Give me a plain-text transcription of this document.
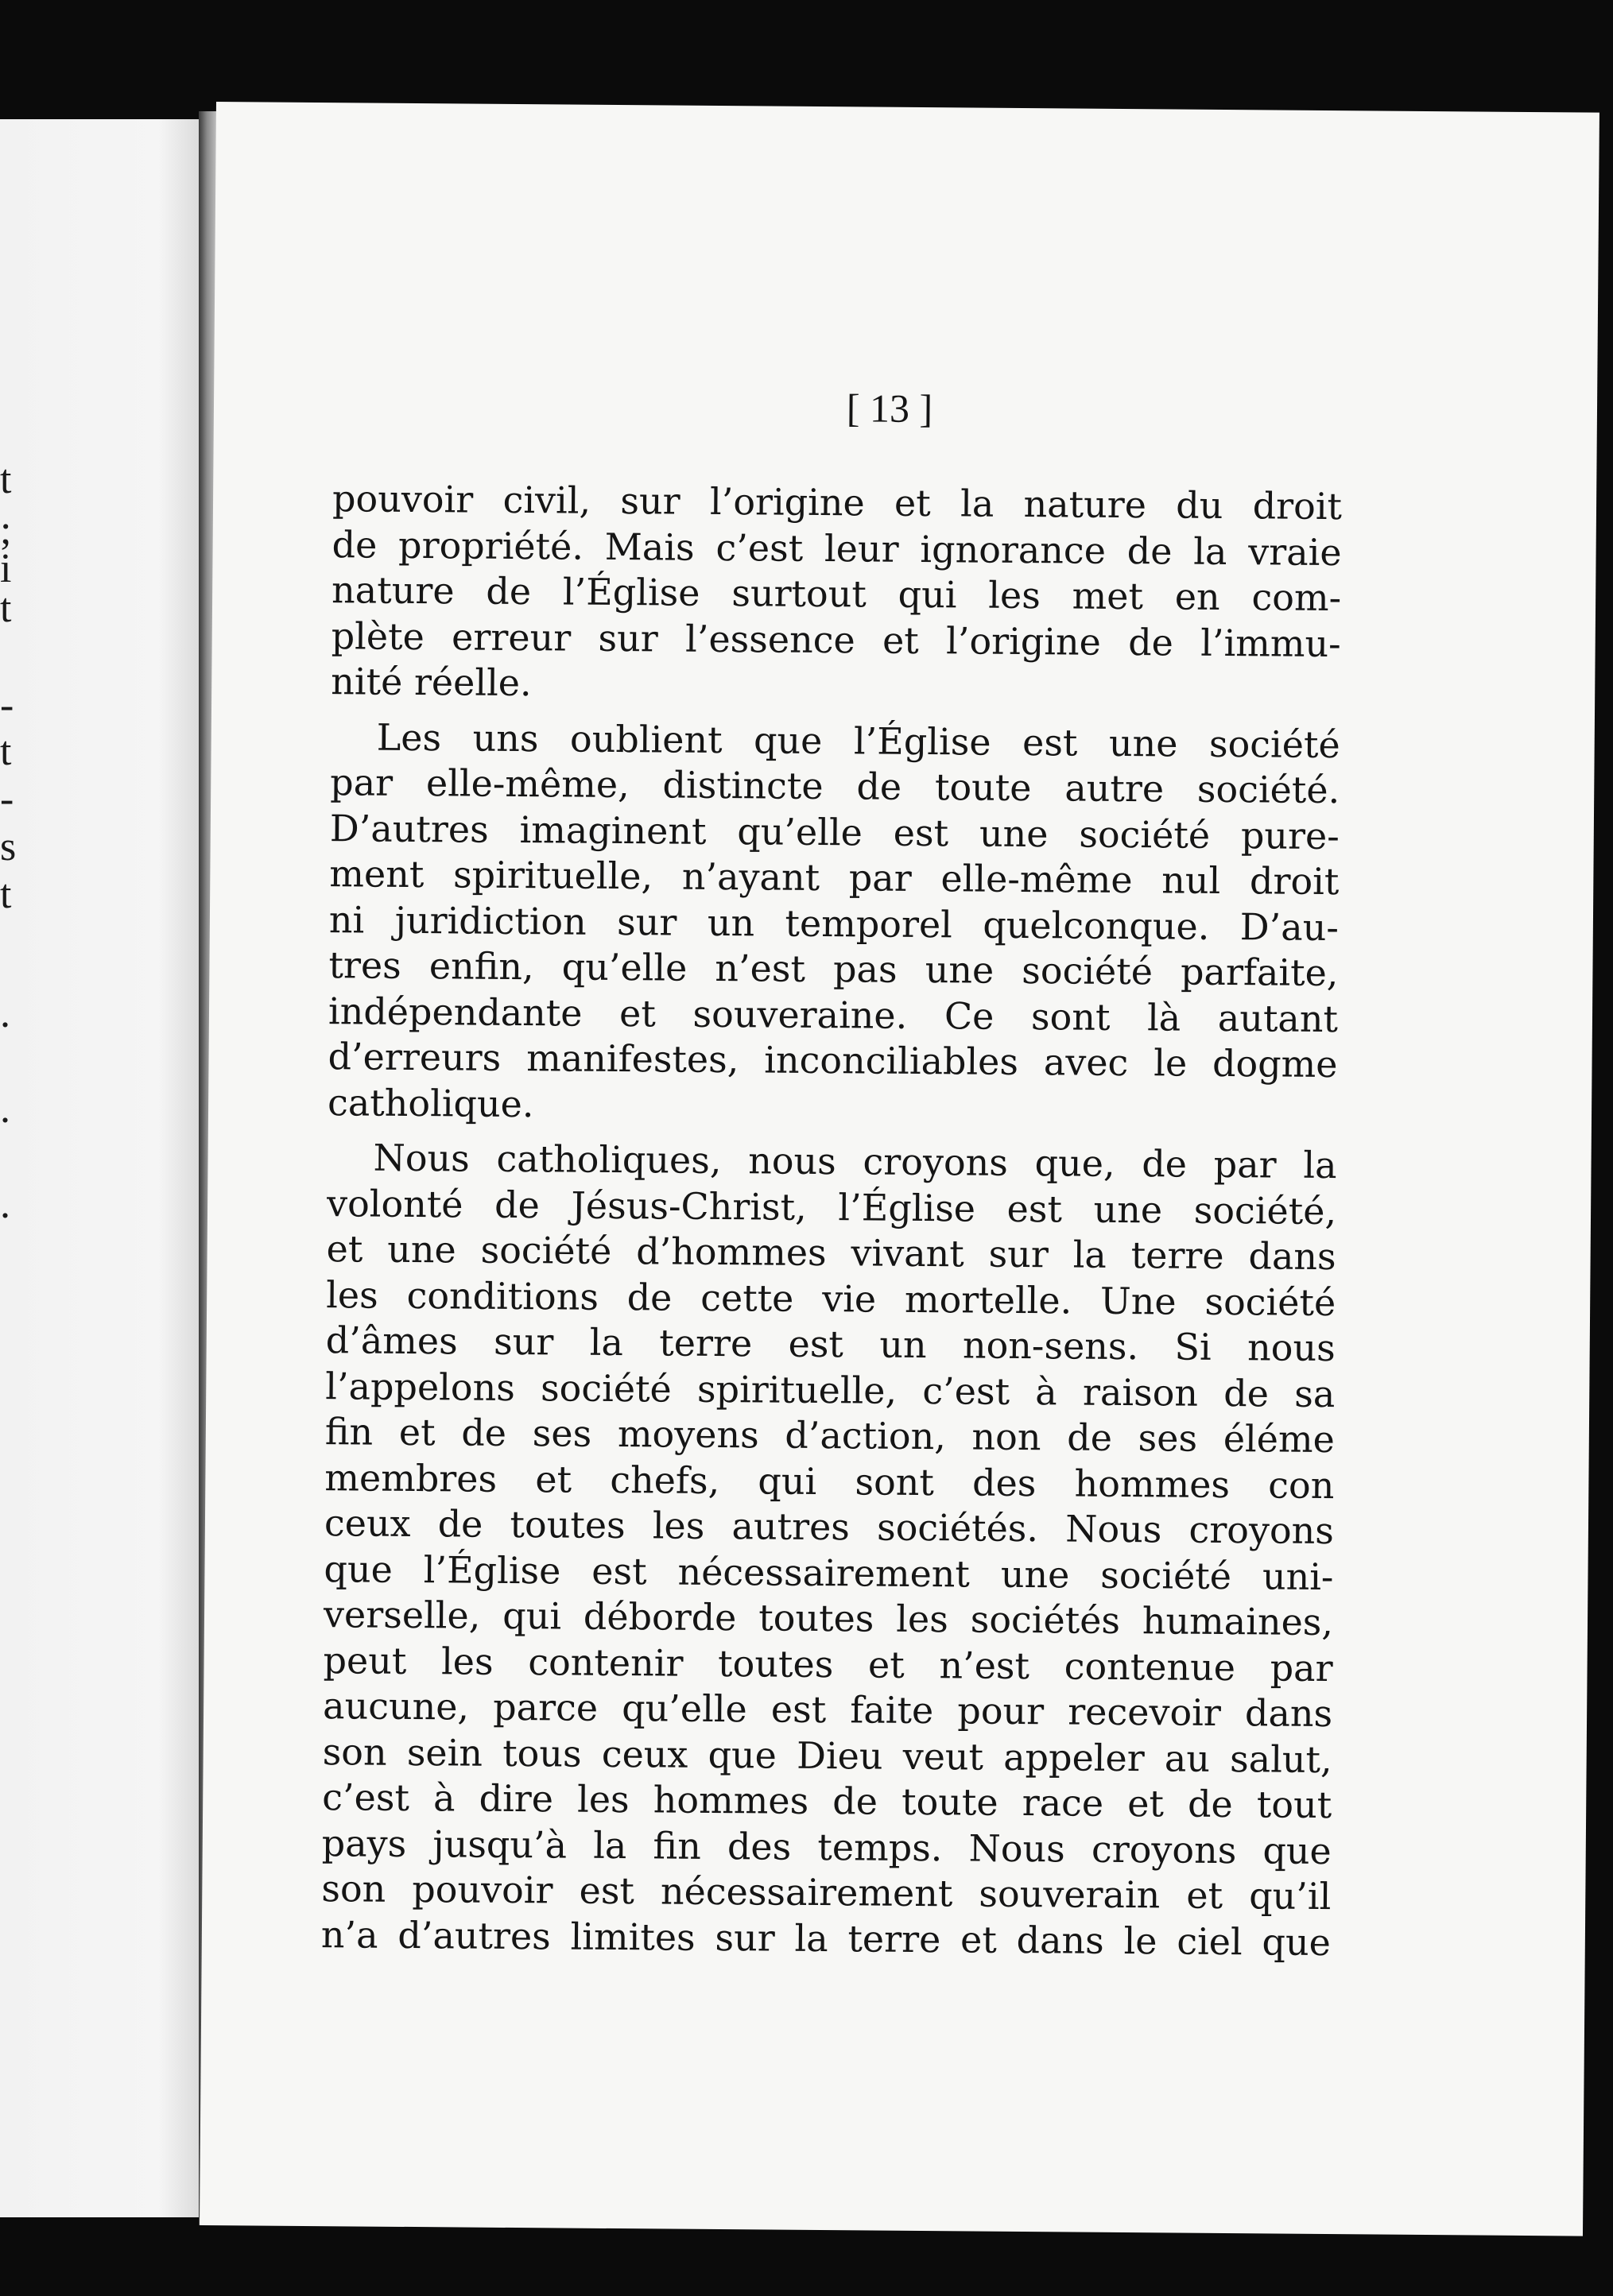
t
;
i
t
-
t
-
s
t
.
.
.
[ 13 ]
pouvoir civil, sur l’origine et la nature du droit
de propriété. Mais c’est leur ignorance de la vraie
nature de l’Église surtout qui les met en com-
plète erreur sur l’essence et l’origine de l’immu-
nité réelle.
Les uns oublient que l’Église est une société
par elle-même, distincte de toute autre société.
D’autres imaginent qu’elle est une société pure-
ment spirituelle, n’ayant par elle-même nul droit
ni juridiction sur un temporel quelconque. D’au-
tres enfin, qu’elle n’est pas une société parfaite,
indépendante et souveraine. Ce sont là autant
d’erreurs manifestes, inconciliables avec le dogme
catholique.
Nous catholiques, nous croyons que, de par la
volonté de Jésus-Christ, l’Église est une société,
et une société d’hommes vivant sur la terre dans
les conditions de cette vie mortelle. Une société
d’âmes sur la terre est un non-sens. Si nous
l’appelons société spirituelle, c’est à raison de sa
fin et de ses moyens d’action, non de ses éléme
membres et chefs, qui sont des hommes con
ceux de toutes les autres sociétés. Nous croyons
que l’Église est nécessairement une société uni-
verselle, qui déborde toutes les sociétés humaines,
peut les contenir toutes et n’est contenue par
aucune, parce qu’elle est faite pour recevoir dans
son sein tous ceux que Dieu veut appeler au salut,
c’est à dire les hommes de toute race et de tout
pays jusqu’à la fin des temps. Nous croyons que
son pouvoir est nécessairement souverain et qu’il
n’a d’autres limites sur la terre et dans le ciel que
